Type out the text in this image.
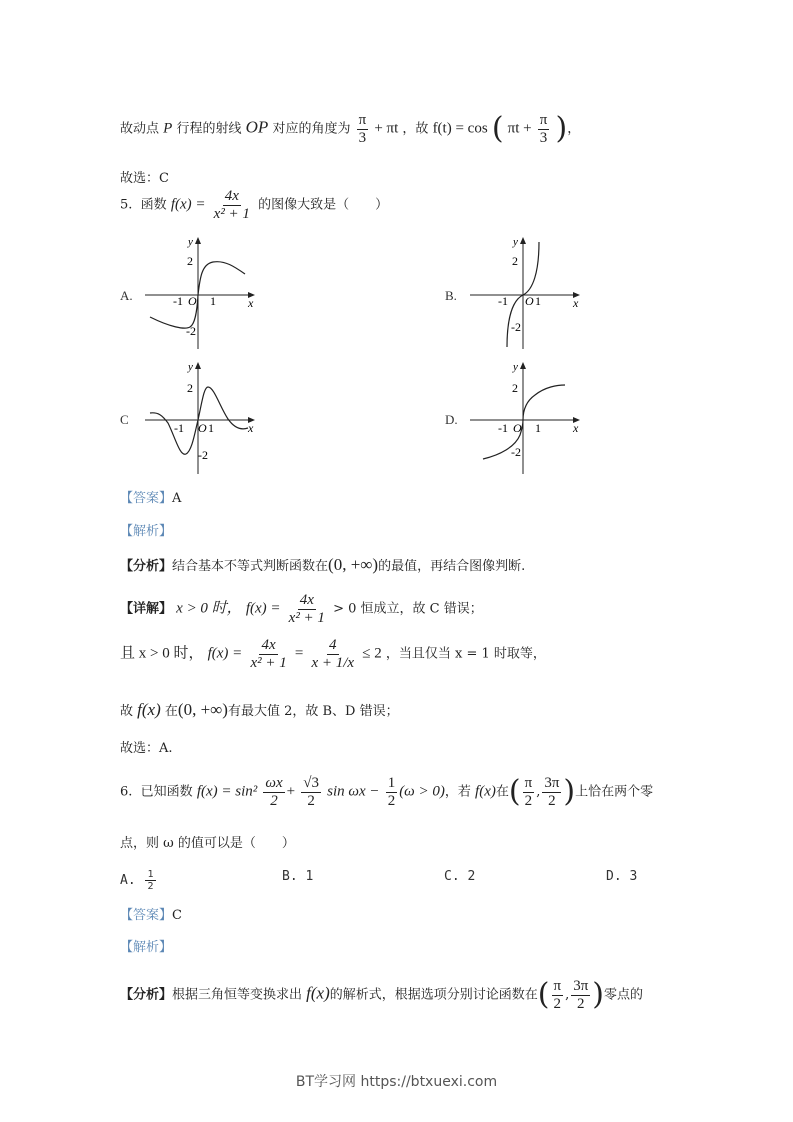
故动点 P 行程的射线 OP 对应的角度为 $\frac{\pi}{3} + \pi t$ ，故 f(t) = cos ( $\pi t + \frac{\pi}{3}$ )，
故选：C
5. 函数 $f(x) = \frac{4x}{\text{x² + 1}}$ 的图像大致是（　　）
A.
y
2
-1 O 1	x
-2
B.
y
2
-1 O 1	x
-2
C
y
2
-1 O 1	x
-2
D.
y
2
-1 O 1	x
-2
【答案】A
【解析】
【分析】结合基本不等式判断函数在(0, +∞)的最值，再结合图像判断.
【详解】 x > 0 时， $f(x) = \frac{4x}{\text{x² + 1}} > 0$ 恒成立，故 C 错误；
且 x > 0 时， $f(x) = \frac{4x}{\text{x² + 1}} = \frac{4}{x + 1/x} \le 2$ ，当且仅当 x = 1 时取等，
故 f(x) 在(0, +∞)有最大值 2，故 B、D 错误；
故选：A.
6. 已知函数 $f(x) = \sin^2 \frac{\omega x}{2} + \frac{√3}{2}$ $\sin \omega x - \frac{1}{2} (\omega > 0)$，若 f(x)在( $\frac{\pi}{2}$ , $\frac{3\pi}{2}$ )上恰在两个零
点，则 ω 的值可以是（　　）
A. $\frac{1}{2}$	B. 1	C. 2	D. 3
【答案】C
【解析】
【分析】根据三角恒等变换求出 f(x)的解析式，根据选项分别讨论函数在( $\frac{\pi}{2}$ , $\frac{3\pi}{2}$ )零点的
BT学习网 https://btxuexi.com
